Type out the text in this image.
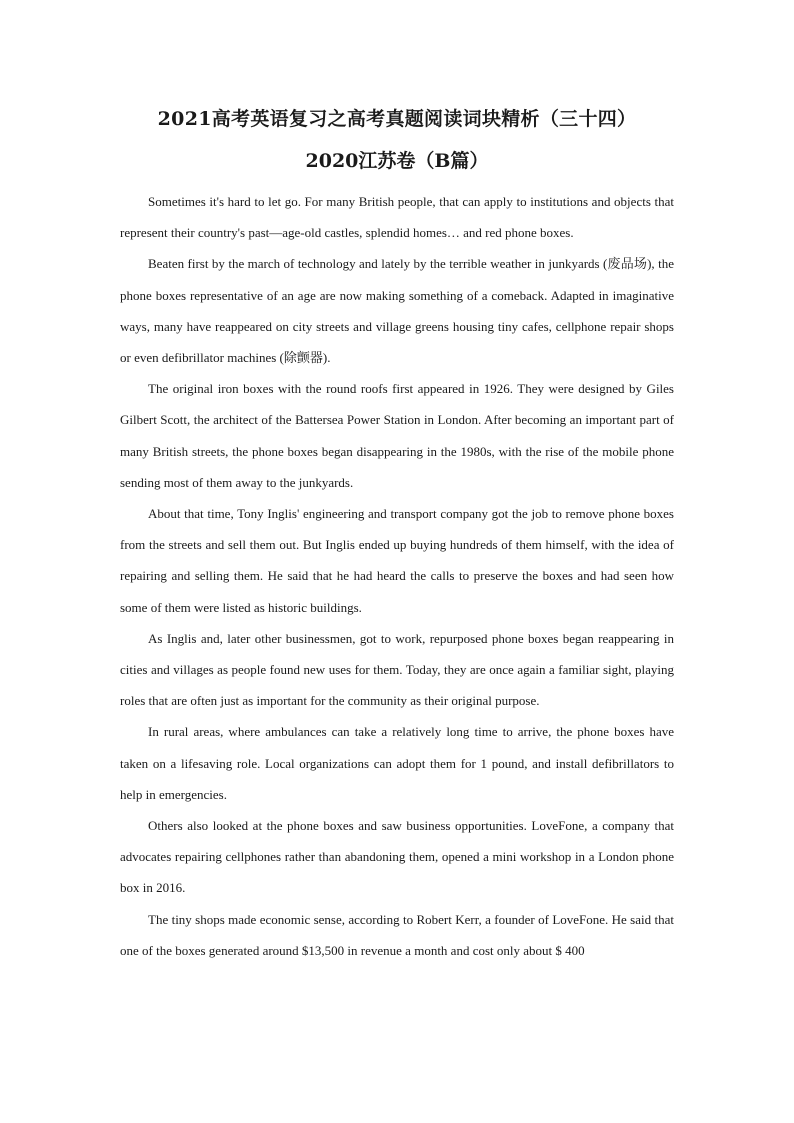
2021高考英语复习之高考真题阅读词块精析（三十四）
2020江苏卷（B篇）

Sometimes it's hard to let go. For many British people, that can apply to institutions and objects that represent their country's past—age-old castles, splendid homes… and red phone boxes.

Beaten first by the march of technology and lately by the terrible weather in junkyards (废品场), the phone boxes representative of an age are now making something of a comeback. Adapted in imaginative ways, many have reappeared on city streets and village greens housing tiny cafes, cellphone repair shops or even defibrillator machines (除颤器).

The original iron boxes with the round roofs first appeared in 1926. They were designed by Giles Gilbert Scott, the architect of the Battersea Power Station in London. After becoming an important part of many British streets, the phone boxes began disappearing in the 1980s, with the rise of the mobile phone sending most of them away to the junkyards.

About that time, Tony Inglis' engineering and transport company got the job to remove phone boxes from the streets and sell them out. But Inglis ended up buying hundreds of them himself, with the idea of repairing and selling them. He said that he had heard the calls to preserve the boxes and had seen how some of them were listed as historic buildings.

As Inglis and, later other businessmen, got to work, repurposed phone boxes began reappearing in cities and villages as people found new uses for them. Today, they are once again a familiar sight, playing roles that are often just as important for the community as their original purpose.

In rural areas, where ambulances can take a relatively long time to arrive, the phone boxes have taken on a lifesaving role. Local organizations can adopt them for 1 pound, and install defibrillators to help in emergencies.

Others also looked at the phone boxes and saw business opportunities. LoveFone, a company that advocates repairing cellphones rather than abandoning them, opened a mini workshop in a London phone box in 2016.

The tiny shops made economic sense, according to Robert Kerr, a founder of LoveFone. He said that one of the boxes generated around $13,500 in revenue a month and cost only about $ 400
